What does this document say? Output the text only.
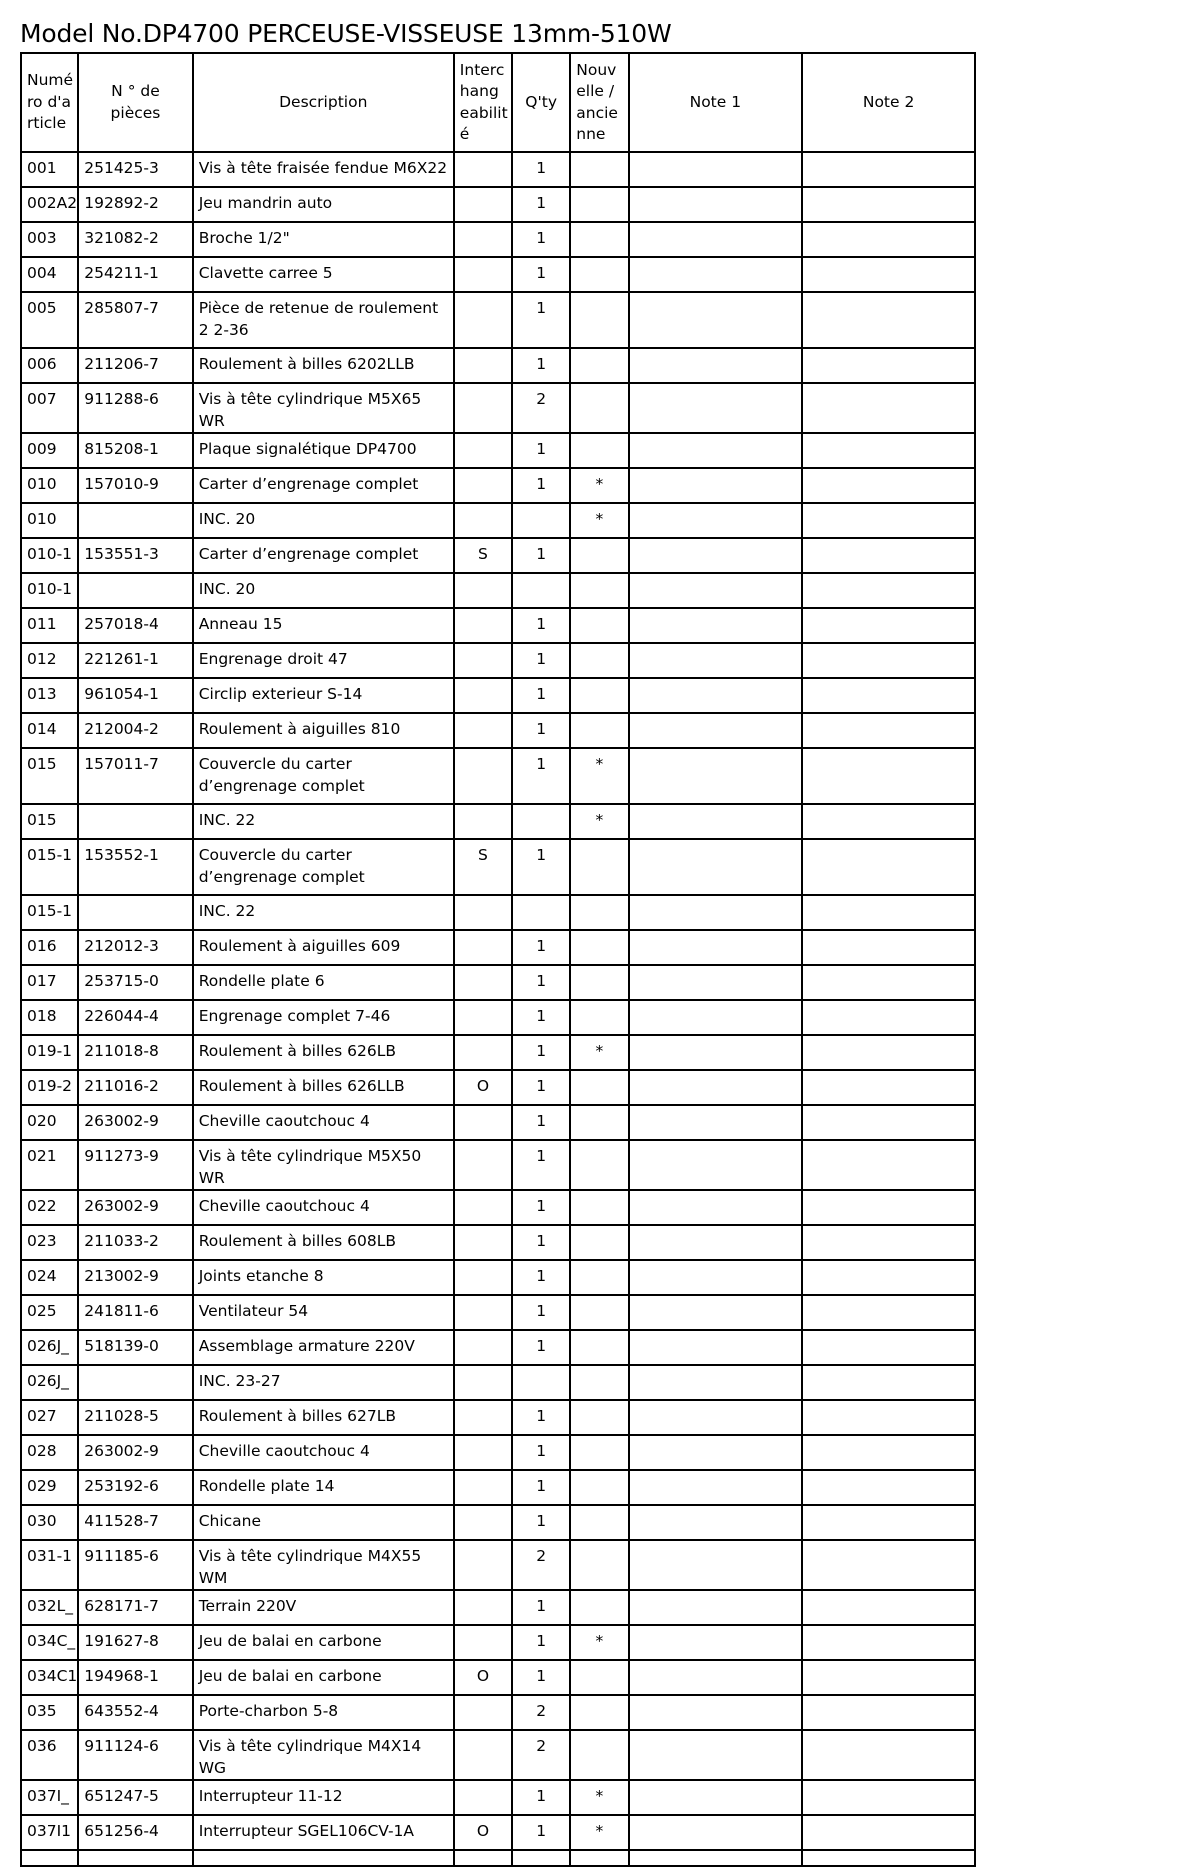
Model No.DP4700 PERCEUSE-VISSEUSE 13mm-510W
Numé ro d'a rticle	N ° de pièces	Description	Interc hang eabilit é	Q'ty	Nouv elle / ancie nne	Note 1	Note 2
001	251425-3	Vis à tête fraisée fendue M6X22		1			
002A2	192892-2	Jeu mandrin auto		1			
003	321082-2	Broche 1/2"		1			
004	254211-1	Clavette carree 5		1			
005	285807-7	Pièce de retenue de roulement 2 2-36		1			
006	211206-7	Roulement à billes 6202LLB		1			
007	911288-6	Vis à tête cylindrique M5X65 WR		2			
009	815208-1	Plaque signalétique DP4700		1			
010	157010-9	Carter d’engrenage complet		1	*		
010		INC. 20			*		
010-1	153551-3	Carter d’engrenage complet	S	1			
010-1		INC. 20					
011	257018-4	Anneau 15		1			
012	221261-1	Engrenage droit 47		1			
013	961054-1	Circlip exterieur S-14		1			
014	212004-2	Roulement à aiguilles 810		1			
015	157011-7	Couvercle du carter d’engrenage complet		1	*		
015		INC. 22			*		
015-1	153552-1	Couvercle du carter d’engrenage complet	S	1			
015-1		INC. 22					
016	212012-3	Roulement à aiguilles 609		1			
017	253715-0	Rondelle plate 6		1			
018	226044-4	Engrenage complet 7-46		1			
019-1	211018-8	Roulement à billes 626LB		1	*		
019-2	211016-2	Roulement à billes 626LLB	O	1			
020	263002-9	Cheville caoutchouc 4		1			
021	911273-9	Vis à tête cylindrique M5X50 WR		1			
022	263002-9	Cheville caoutchouc 4		1			
023	211033-2	Roulement à billes 608LB		1			
024	213002-9	Joints etanche 8		1			
025	241811-6	Ventilateur 54		1			
026J_	518139-0	Assemblage armature 220V		1			
026J_		INC. 23-27					
027	211028-5	Roulement à billes 627LB		1			
028	263002-9	Cheville caoutchouc 4		1			
029	253192-6	Rondelle plate 14		1			
030	411528-7	Chicane		1			
031-1	911185-6	Vis à tête cylindrique M4X55 WM		2			
032L_	628171-7	Terrain 220V		1			
034C_	191627-8	Jeu de balai en carbone		1	*		
034C1	194968-1	Jeu de balai en carbone	O	1			
035	643552-4	Porte-charbon 5-8		2			
036	911124-6	Vis à tête cylindrique M4X14 WG		2			
037I_	651247-5	Interrupteur 11-12		1	*		
037I1	651256-4	Interrupteur SGEL106CV-1A	O	1	*		
